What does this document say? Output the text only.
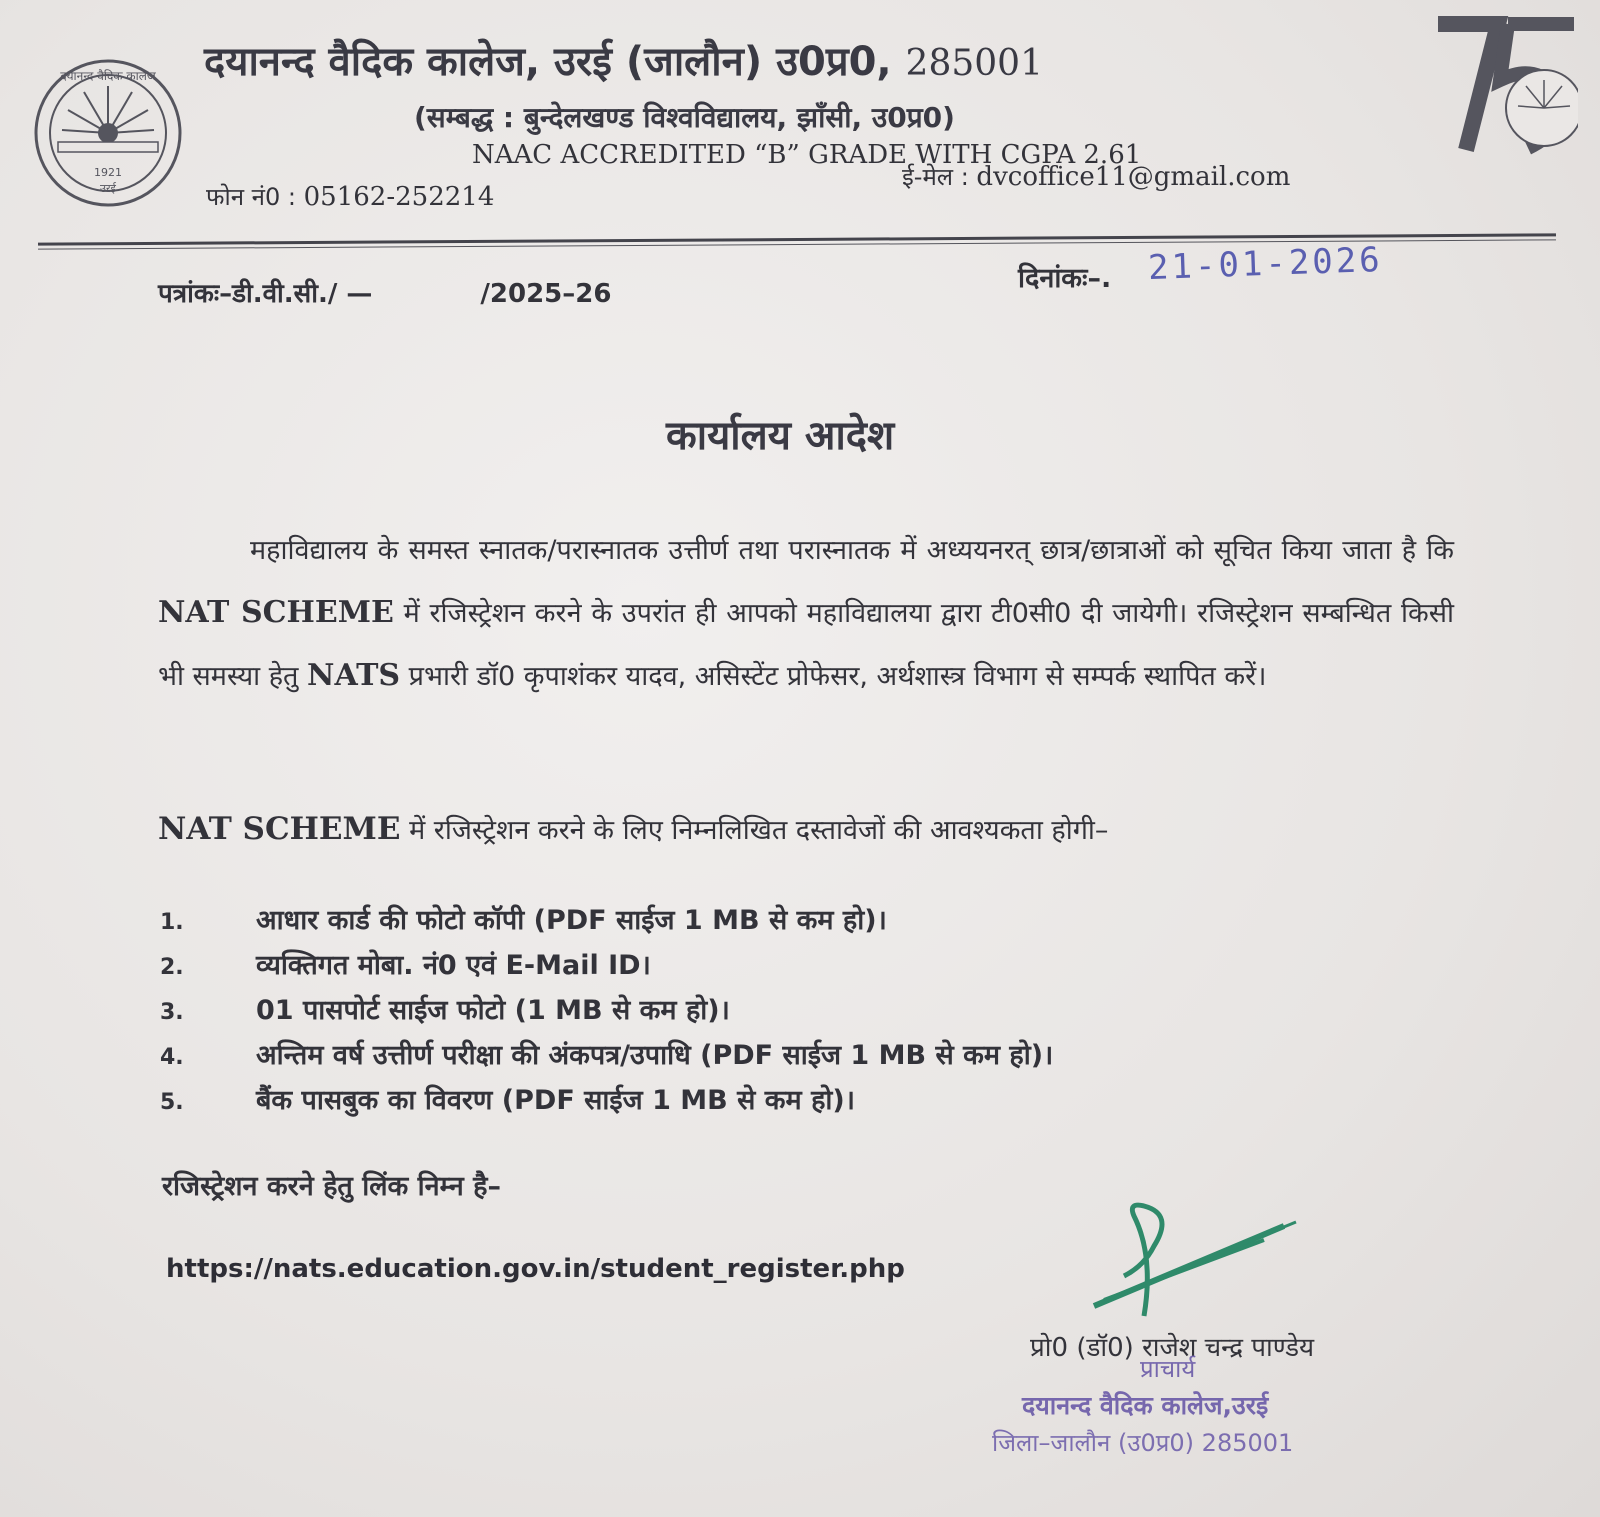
1921
उरई
दयानन्द वैदिक कालेज दयानन्द वैदिक कालेज, उरई (जालौन) उ0प्र0, 285001
(सम्बद्ध : बुन्देलखण्ड विश्वविद्यालय, झाँसी, उ0प्र0)
NAAC ACCREDITED “B” GRADE WITH CGPA 2.61
फोन नं0 : 05162-252214
ई-मेल : dvcoffice11@gmail.com
पत्रांकः–डी.वी.सी./ —	/2025–26	दिनांकः–. 21-01-2026
कार्यालय आदेश
महाविद्यालय के समस्त स्नातक/परास्नातक उत्तीर्ण तथा परास्नातक में अध्ययनरत् छात्र/छात्राओं को सूचित किया जाता है कि NAT SCHEME में रजिस्ट्रेशन करने के उपरांत ही आपको महाविद्यालया द्वारा टी0सी0 दी जायेगी। रजिस्ट्रेशन सम्बन्धित किसी भी समस्या हेतु NATS प्रभारी डॉ0 कृपाशंकर यादव, असिस्टेंट प्रोफेसर, अर्थशास्त्र विभाग से सम्पर्क स्थापित करें।
NAT SCHEME में रजिस्ट्रेशन करने के लिए निम्नलिखित दस्तावेजों की आवश्यकता होगी–
1.	आधार कार्ड की फोटो कॉपी (PDF साईज 1 MB से कम हो)।
2.	व्यक्तिगत मोबा. नं0 एवं E-Mail ID।
3.	01 पासपोर्ट साईज फोटो (1 MB से कम हो)।
4.	अन्तिम वर्ष उत्तीर्ण परीक्षा की अंकपत्र/उपाधि (PDF साईज 1 MB से कम हो)।
5.	बैंक पासबुक का विवरण (PDF साईज 1 MB से कम हो)।
रजिस्ट्रेशन करने हेतु लिंक निम्न है–
https://nats.education.gov.in/student_register.php
प्रो0 (डॉ0) राजेश चन्द्र पाण्डेय
प्राचार्य
दयानन्द वैदिक कालेज,उरई
जिला–जालौन (उ0प्र0) 285001
